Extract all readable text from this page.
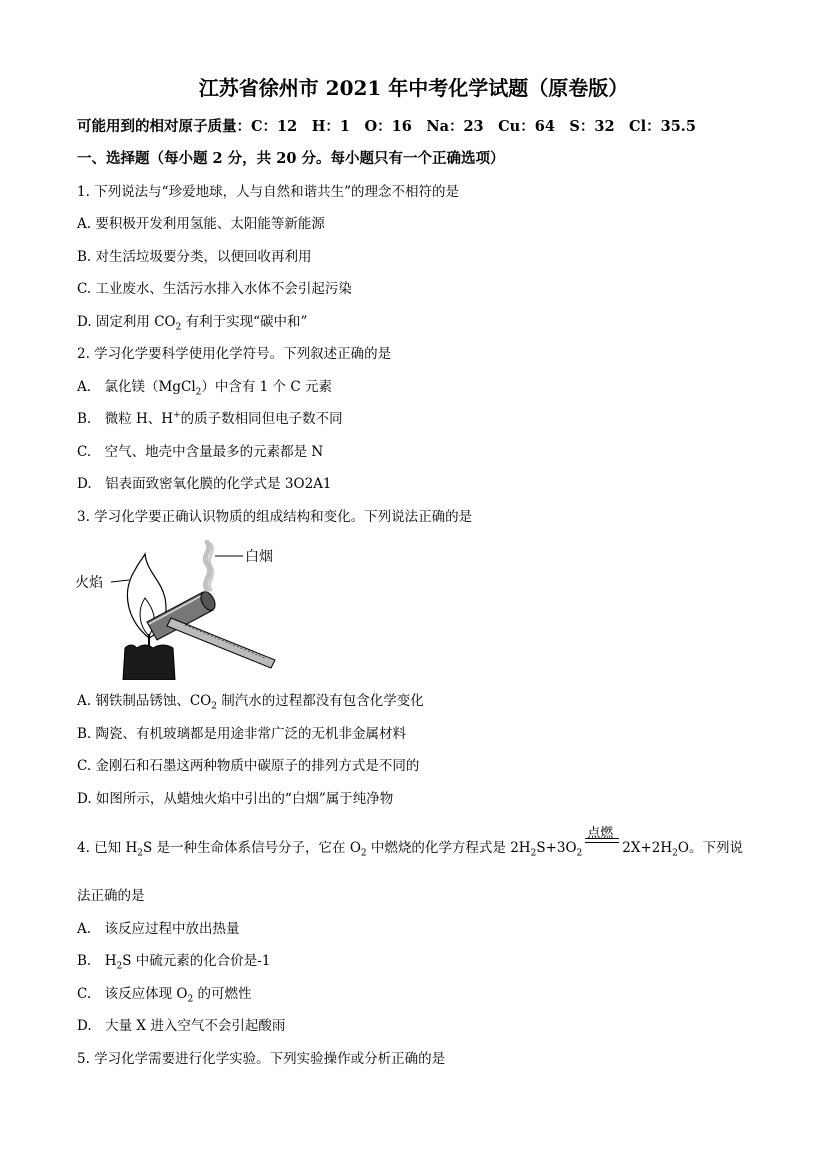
江苏省徐州市 2021 年中考化学试题（原卷版）
可能用到的相对原子质量：C：12　H：1　O：16　Na：23　Cu：64　S：32　Cl：35.5
一、选择题（每小题 2 分，共 20 分。每小题只有一个正确选项）
1. 下列说法与“珍爱地球，人与自然和谐共生”的理念不相符的是
A. 要积极开发利用氢能、太阳能等新能源
B. 对生活垃圾要分类，以便回收再利用
C. 工业废水、生活污水排入水体不会引起污染
D. 固定利用 $CO_2$ 有利于实现“碳中和”
2. 学习化学要科学使用化学符号。下列叙述正确的是
A.　氯化镁（MgCl$_2$）中含有 1 个 C 元素
B.　微粒 H、H+的质子数相同但电子数不同
C.　空气、地壳中含量最多的元素都是 N
D.　铝表面致密氧化膜的化学式是 3O2A1
3. 学习化学要正确认识物质的组成结构和变化。下列说法正确的是
白烟
火焰
A. 钢铁制品锈蚀、$CO_2$ 制汽水的过程都没有包含化学变化
B. 陶瓷、有机玻璃都是用途非常广泛的无机非金属材料
C. 金刚石和石墨这两种物质中碳原子的排列方式是不同的
D. 如图所示，从蜡烛火焰中引出的“白烟”属于纯净物
4. 已知 $H_2S$ 是一种生命体系信号分子，它在 $O_2$ 中燃烧的化学方程式是 $2H_2S+3O_2$
点燃
$2X+2H_2O$。下列说
法正确的是
A.　该反应过程中放出热量
B.　$H_2S$ 中硫元素的化合价是-1
C.　该反应体现 $O_2$ 的可燃性
D.　大量 X 进入空气不会引起酸雨
5. 学习化学需要进行化学实验。下列实验操作或分析正确的是
